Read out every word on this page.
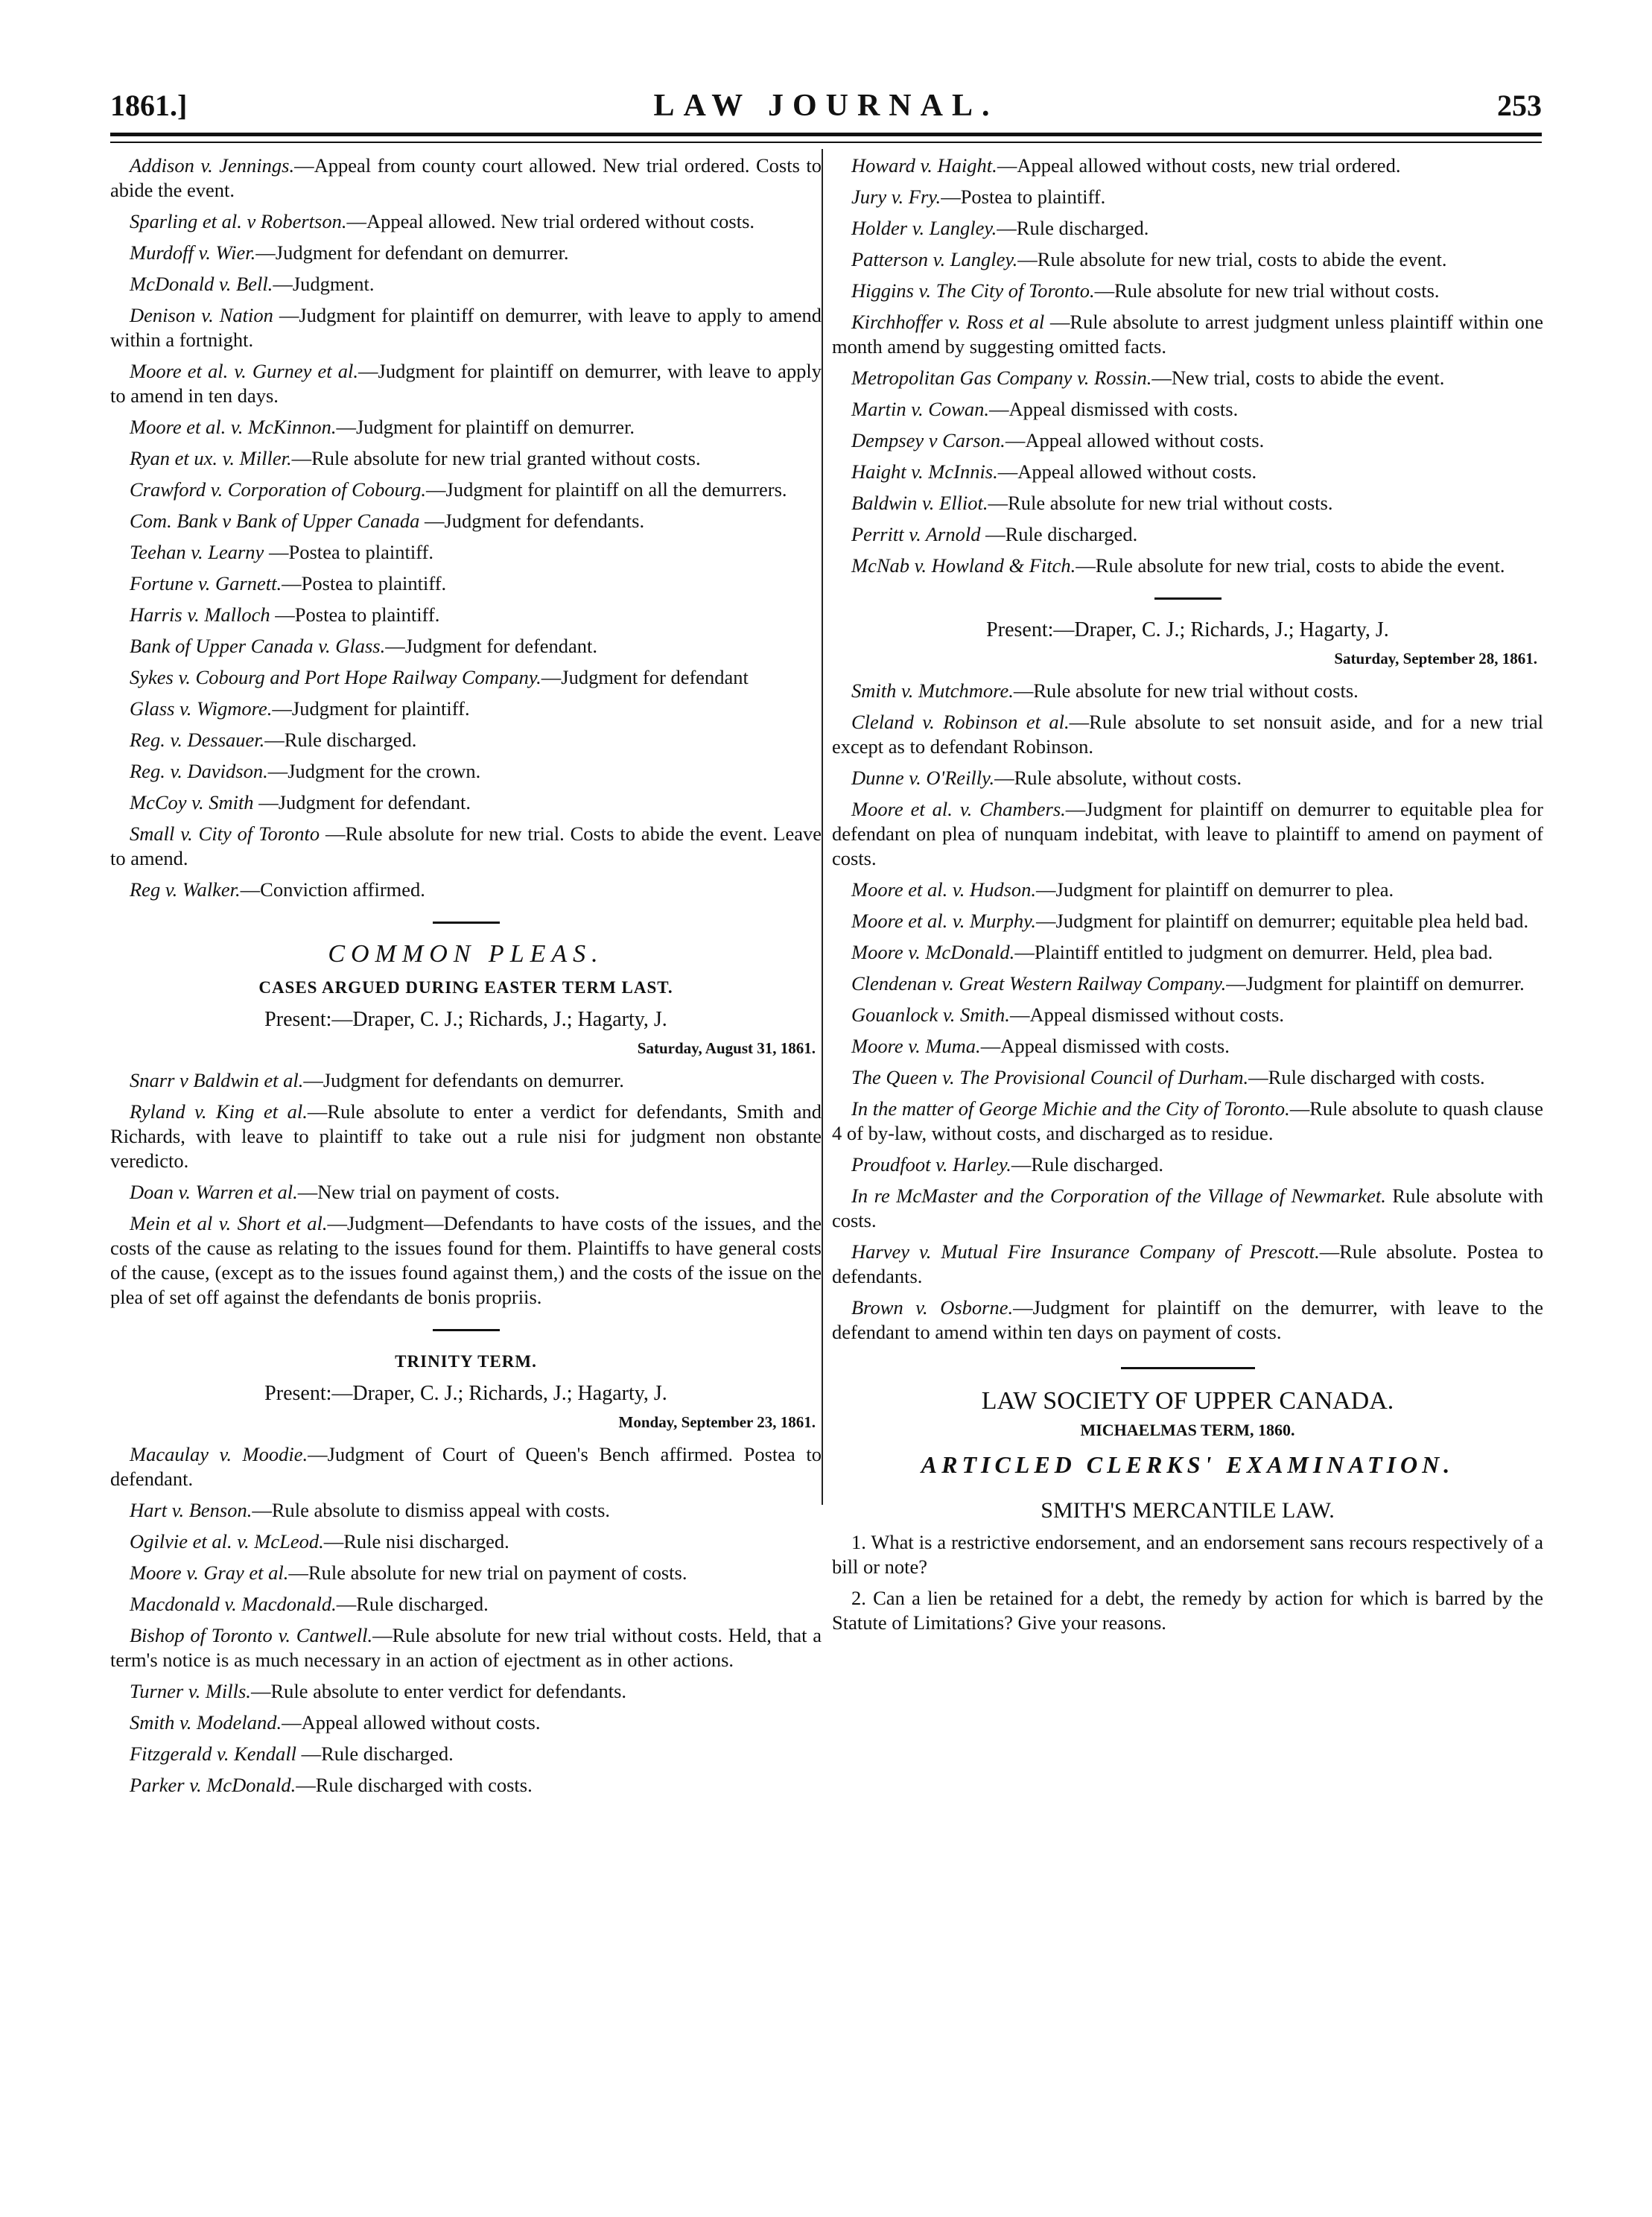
1861.]	LAW JOURNAL.	253

Addison v. Jennings.—Appeal from county court allowed. New trial ordered. Costs to abide the event.

Sparling et al. v Robertson.—Appeal allowed. New trial ordered without costs.

Murdoff v. Wier.—Judgment for defendant on demurrer.

McDonald v. Bell.—Judgment.

Denison v. Nation —Judgment for plaintiff on demurrer, with leave to apply to amend within a fortnight.

Moore et al. v. Gurney et al.—Judgment for plaintiff on demurrer, with leave to apply to amend in ten days.

Moore et al. v. McKinnon.—Judgment for plaintiff on demurrer.

Ryan et ux. v. Miller.—Rule absolute for new trial granted without costs.

Crawford v. Corporation of Cobourg.—Judgment for plaintiff on all the demurrers.

Com. Bank v Bank of Upper Canada —Judgment for defendants.

Teehan v. Learny —Postea to plaintiff.

Fortune v. Garnett.—Postea to plaintiff.

Harris v. Malloch —Postea to plaintiff.

Bank of Upper Canada v. Glass.—Judgment for defendant.

Sykes v. Cobourg and Port Hope Railway Company.—Judgment for defendant

Glass v. Wigmore.—Judgment for plaintiff.

Reg. v. Dessauer.—Rule discharged.

Reg. v. Davidson.—Judgment for the crown.

McCoy v. Smith —Judgment for defendant.

Small v. City of Toronto —Rule absolute for new trial. Costs to abide the event. Leave to amend.

Reg v. Walker.—Conviction affirmed.

COMMON PLEAS.
CASES ARGUED DURING EASTER TERM LAST.
Present:—Draper, C. J.; Richards, J.; Hagarty, J.
Saturday, August 31, 1861.

Snarr v Baldwin et al.—Judgment for defendants on demurrer.

Ryland v. King et al.—Rule absolute to enter a verdict for defendants, Smith and Richards, with leave to plaintiff to take out a rule nisi for judgment non obstante veredicto.

Doan v. Warren et al.—New trial on payment of costs.

Mein et al v. Short et al.—Judgment—Defendants to have costs of the issues, and the costs of the cause as relating to the issues found for them. Plaintiffs to have general costs of the cause, (except as to the issues found against them,) and the costs of the issue on the plea of set off against the defendants de bonis propriis.

TRINITY TERM.
Present:—Draper, C. J.; Richards, J.; Hagarty, J.
Monday, September 23, 1861.

Macaulay v. Moodie.—Judgment of Court of Queen's Bench affirmed. Postea to defendant.

Hart v. Benson.—Rule absolute to dismiss appeal with costs.

Ogilvie et al. v. McLeod.—Rule nisi discharged.

Moore v. Gray et al.—Rule absolute for new trial on payment of costs.

Macdonald v. Macdonald.—Rule discharged.

Bishop of Toronto v. Cantwell.—Rule absolute for new trial without costs. Held, that a term's notice is as much necessary in an action of ejectment as in other actions.

Turner v. Mills.—Rule absolute to enter verdict for defendants.

Smith v. Modeland.—Appeal allowed without costs.

Fitzgerald v. Kendall —Rule discharged.

Parker v. McDonald.—Rule discharged with costs.

Howard v. Haight.—Appeal allowed without costs, new trial ordered.

Jury v. Fry.—Postea to plaintiff.

Holder v. Langley.—Rule discharged.

Patterson v. Langley.—Rule absolute for new trial, costs to abide the event.

Higgins v. The City of Toronto.—Rule absolute for new trial without costs.

Kirchhoffer v. Ross et al —Rule absolute to arrest judgment unless plaintiff within one month amend by suggesting omitted facts.

Metropolitan Gas Company v. Rossin.—New trial, costs to abide the event.

Martin v. Cowan.—Appeal dismissed with costs.

Dempsey v Carson.—Appeal allowed without costs.

Haight v. McInnis.—Appeal allowed without costs.

Baldwin v. Elliot.—Rule absolute for new trial without costs.

Perritt v. Arnold —Rule discharged.

McNab v. Howland & Fitch.—Rule absolute for new trial, costs to abide the event.

Present:—Draper, C. J.; Richards, J.; Hagarty, J.
Saturday, September 28, 1861.

Smith v. Mutchmore.—Rule absolute for new trial without costs.

Cleland v. Robinson et al.—Rule absolute to set nonsuit aside, and for a new trial except as to defendant Robinson.

Dunne v. O'Reilly.—Rule absolute, without costs.

Moore et al. v. Chambers.—Judgment for plaintiff on demurrer to equitable plea for defendant on plea of nunquam indebitat, with leave to plaintiff to amend on payment of costs.

Moore et al. v. Hudson.—Judgment for plaintiff on demurrer to plea.

Moore et al. v. Murphy.—Judgment for plaintiff on demurrer; equitable plea held bad.

Moore v. McDonald.—Plaintiff entitled to judgment on demurrer. Held, plea bad.

Clendenan v. Great Western Railway Company.—Judgment for plaintiff on demurrer.

Gouanlock v. Smith.—Appeal dismissed without costs.

Moore v. Muma.—Appeal dismissed with costs.

The Queen v. The Provisional Council of Durham.—Rule discharged with costs.

In the matter of George Michie and the City of Toronto.—Rule absolute to quash clause 4 of by-law, without costs, and discharged as to residue.

Proudfoot v. Harley.—Rule discharged.

In re McMaster and the Corporation of the Village of Newmarket. Rule absolute with costs.

Harvey v. Mutual Fire Insurance Company of Prescott.—Rule absolute. Postea to defendants.

Brown v. Osborne.—Judgment for plaintiff on the demurrer, with leave to the defendant to amend within ten days on payment of costs.

LAW SOCIETY OF UPPER CANADA.
MICHAELMAS TERM, 1860.
ARTICLED CLERKS' EXAMINATION.
SMITH'S MERCANTILE LAW.

1. What is a restrictive endorsement, and an endorsement sans recours respectively of a bill or note?

2. Can a lien be retained for a debt, the remedy by action for which is barred by the Statute of Limitations? Give your reasons.
